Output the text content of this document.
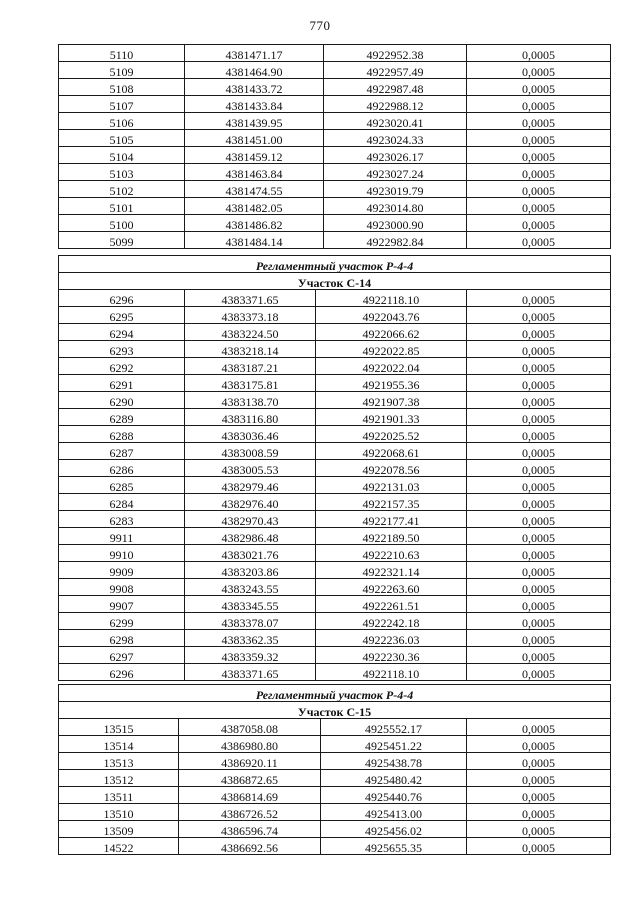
770
5110	4381471.17	4922952.38	0,0005
5109	4381464.90	4922957.49	0,0005
5108	4381433.72	4922987.48	0,0005
5107	4381433.84	4922988.12	0,0005
5106	4381439.95	4923020.41	0,0005
5105	4381451.00	4923024.33	0,0005
5104	4381459.12	4923026.17	0,0005
5103	4381463.84	4923027.24	0,0005
5102	4381474.55	4923019.79	0,0005
5101	4381482.05	4923014.80	0,0005
5100	4381486.82	4923000.90	0,0005
5099	4381484.14	4922982.84	0,0005
Регламентный участок Р-4-4			
Участок С-14			
6296	4383371.65	4922118.10	0,0005
6295	4383373.18	4922043.76	0,0005
6294	4383224.50	4922066.62	0,0005
6293	4383218.14	4922022.85	0,0005
6292	4383187.21	4922022.04	0,0005
6291	4383175.81	4921955.36	0,0005
6290	4383138.70	4921907.38	0,0005
6289	4383116.80	4921901.33	0,0005
6288	4383036.46	4922025.52	0,0005
6287	4383008.59	4922068.61	0,0005
6286	4383005.53	4922078.56	0,0005
6285	4382979.46	4922131.03	0,0005
6284	4382976.40	4922157.35	0,0005
6283	4382970.43	4922177.41	0,0005
9911	4382986.48	4922189.50	0,0005
9910	4383021.76	4922210.63	0,0005
9909	4383203.86	4922321.14	0,0005
9908	4383243.55	4922263.60	0,0005
9907	4383345.55	4922261.51	0,0005
6299	4383378.07	4922242.18	0,0005
6298	4383362.35	4922236.03	0,0005
6297	4383359.32	4922230.36	0,0005
6296	4383371.65	4922118.10	0,0005
Регламентный участок Р-4-4			
Участок С-15			
13515	4387058.08	4925552.17	0,0005
13514	4386980.80	4925451.22	0,0005
13513	4386920.11	4925438.78	0,0005
13512	4386872.65	4925480.42	0,0005
13511	4386814.69	4925440.76	0,0005
13510	4386726.52	4925413.00	0,0005
13509	4386596.74	4925456.02	0,0005
14522	4386692.56	4925655.35	0,0005
